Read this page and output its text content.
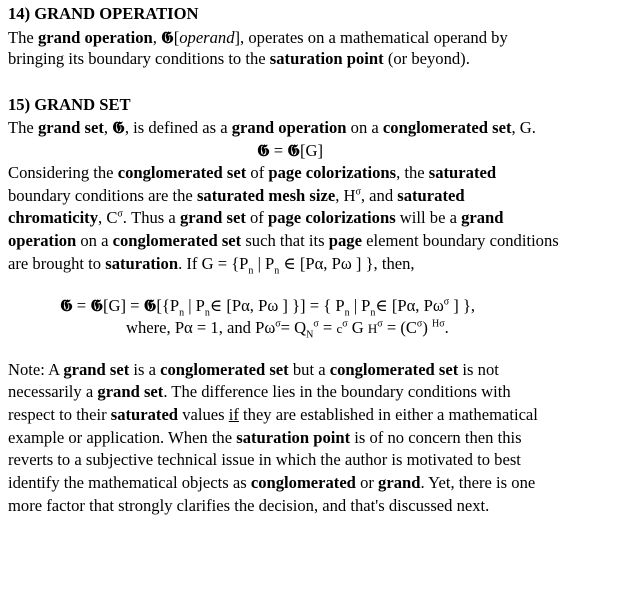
14) GRAND OPERATION
The grand operation, 𝕲[operand], operates on a mathematical operand by
bringing its boundary conditions to the saturation point (or beyond).
15) GRAND SET
The grand set, 𝕲, is defined as a grand operation on a conglomerated set, G.
𝕲 = 𝕲[G]
Considering the conglomerated set of page colorizations, the saturated
boundary conditions are the saturated mesh size, $H^\sigma$, and saturated
chromaticity, $C^\sigma$. Thus a grand set of page colorizations will be a grand
operation on a conglomerated set such that its page element boundary conditions
are brought to saturation. If $G = \{P_n$ | $P_n$ ∈ [Pα, Pω ] }, then,
𝕲 = 𝕲[G] = $𝕲[\{P_n$ | $P_n\in$ [Pα, Pω ] }] = { $P_n$ | $P_n\in$ [Pα, $P\omega^\sigma$ ] },
where, Pα = 1, and $P\omega^\sigma= Q_N^\sigma = c^\sigma$ G $H^\sigma = (C^\sigma)$ $^{H\sigma}$.
Note: A grand set is a conglomerated set but a conglomerated set is not
necessarily a grand set. The difference lies in the boundary conditions with
respect to their saturated values if they are established in either a mathematical
example or application. When the saturation point is of no concern then this
reverts to a subjective technical issue in which the author is motivated to best
identify the mathematical objects as conglomerated or grand. Yet, there is one
more factor that strongly clarifies the decision, and that's discussed next.
